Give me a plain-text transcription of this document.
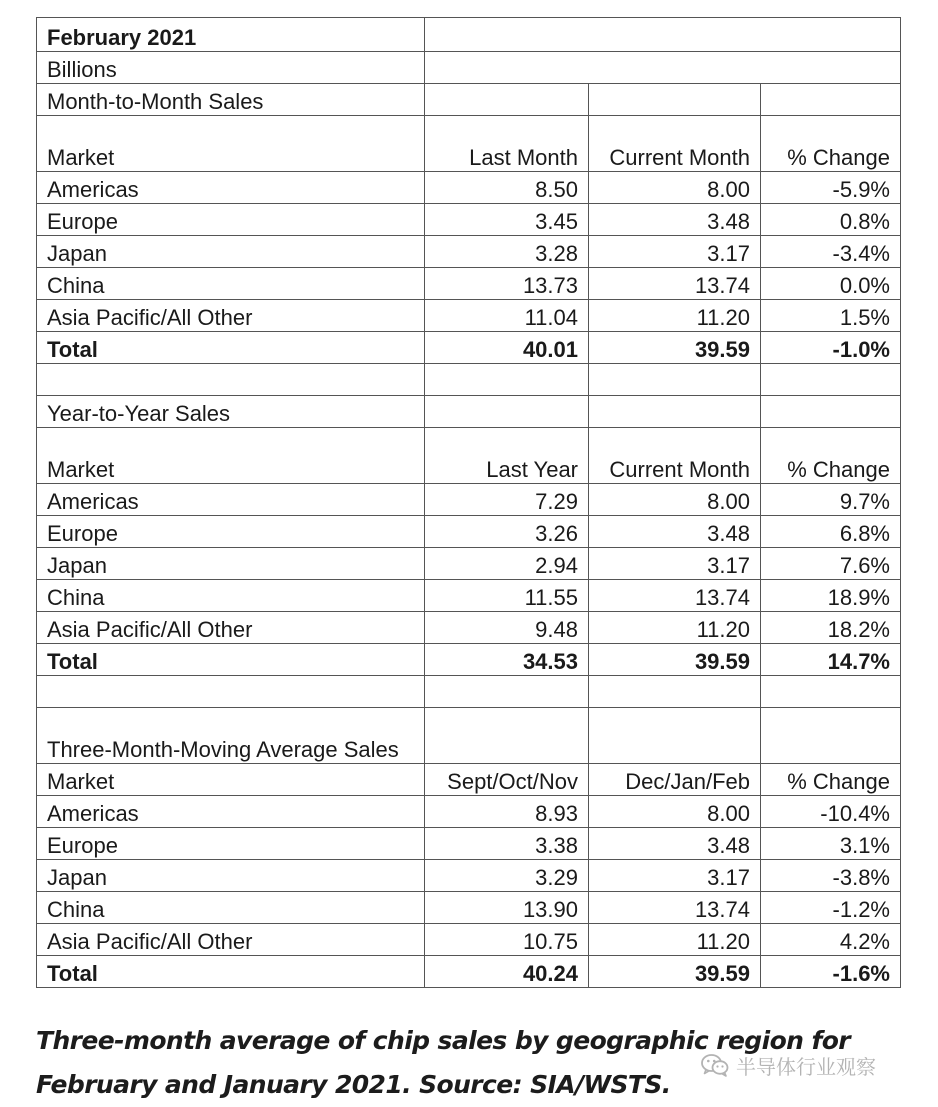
February 2021			
Billions			
Month-to-Month Sales			
Market	Last Month	Current Month	% Change
Americas	8.50	8.00	-5.9%
Europe	3.45	3.48	0.8%
Japan	3.28	3.17	-3.4%
China	13.73	13.74	0.0%
Asia Pacific/All Other	11.04	11.20	1.5%
Total	40.01	39.59	-1.0%

Year-to-Year Sales			
Market	Last Year	Current Month	% Change
Americas	7.29	8.00	9.7%
Europe	3.26	3.48	6.8%
Japan	2.94	3.17	7.6%
China	11.55	13.74	18.9%
Asia Pacific/All Other	9.48	11.20	18.2%
Total	34.53	39.59	14.7%

Three-Month-Moving Average Sales			
Market	Sept/Oct/Nov	Dec/Jan/Feb	% Change
Americas	8.93	8.00	-10.4%
Europe	3.38	3.48	3.1%
Japan	3.29	3.17	-3.8%
China	13.90	13.74	-1.2%
Asia Pacific/All Other	10.75	11.20	4.2%
Total	40.24	39.59	-1.6%
Three-month average of chip sales by geographic region for
February and January 2021. Source: SIA/WSTS.
半导体行业观察
